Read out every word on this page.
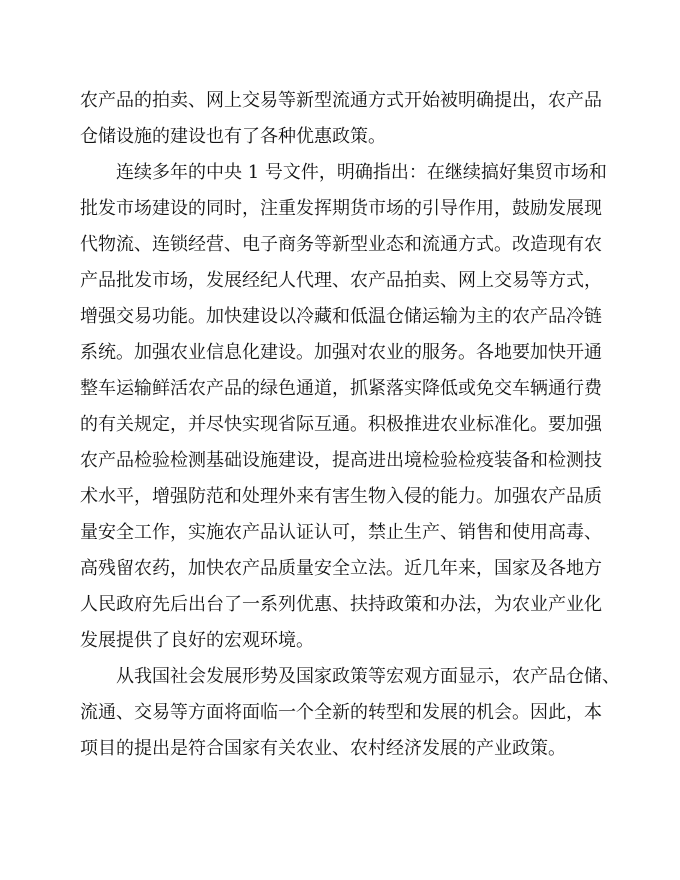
农产品的拍卖、网上交易等新型流通方式开始被明确提出，农产品

仓储设施的建设也有了各种优惠政策。

连续多年的中央 1 号文件，明确指出：在继续搞好集贸市场和

批发市场建设的同时，注重发挥期货市场的引导作用，鼓励发展现

代物流、连锁经营、电子商务等新型业态和流通方式。改造现有农

产品批发市场，发展经纪人代理、农产品拍卖、网上交易等方式，

增强交易功能。加快建设以冷藏和低温仓储运输为主的农产品冷链

系统。加强农业信息化建设。加强对农业的服务。各地要加快开通

整车运输鲜活农产品的绿色通道，抓紧落实降低或免交车辆通行费

的有关规定，并尽快实现省际互通。积极推进农业标准化。要加强

农产品检验检测基础设施建设，提高进出境检验检疫装备和检测技

术水平，增强防范和处理外来有害生物入侵的能力。加强农产品质

量安全工作，实施农产品认证认可，禁止生产、销售和使用高毒、

高残留农药，加快农产品质量安全立法。近几年来，国家及各地方

人民政府先后出台了一系列优惠、扶持政策和办法，为农业产业化

发展提供了良好的宏观环境。

从我国社会发展形势及国家政策等宏观方面显示，农产品仓储、

流通、交易等方面将面临一个全新的转型和发展的机会。因此，本

项目的提出是符合国家有关农业、农村经济发展的产业政策。
